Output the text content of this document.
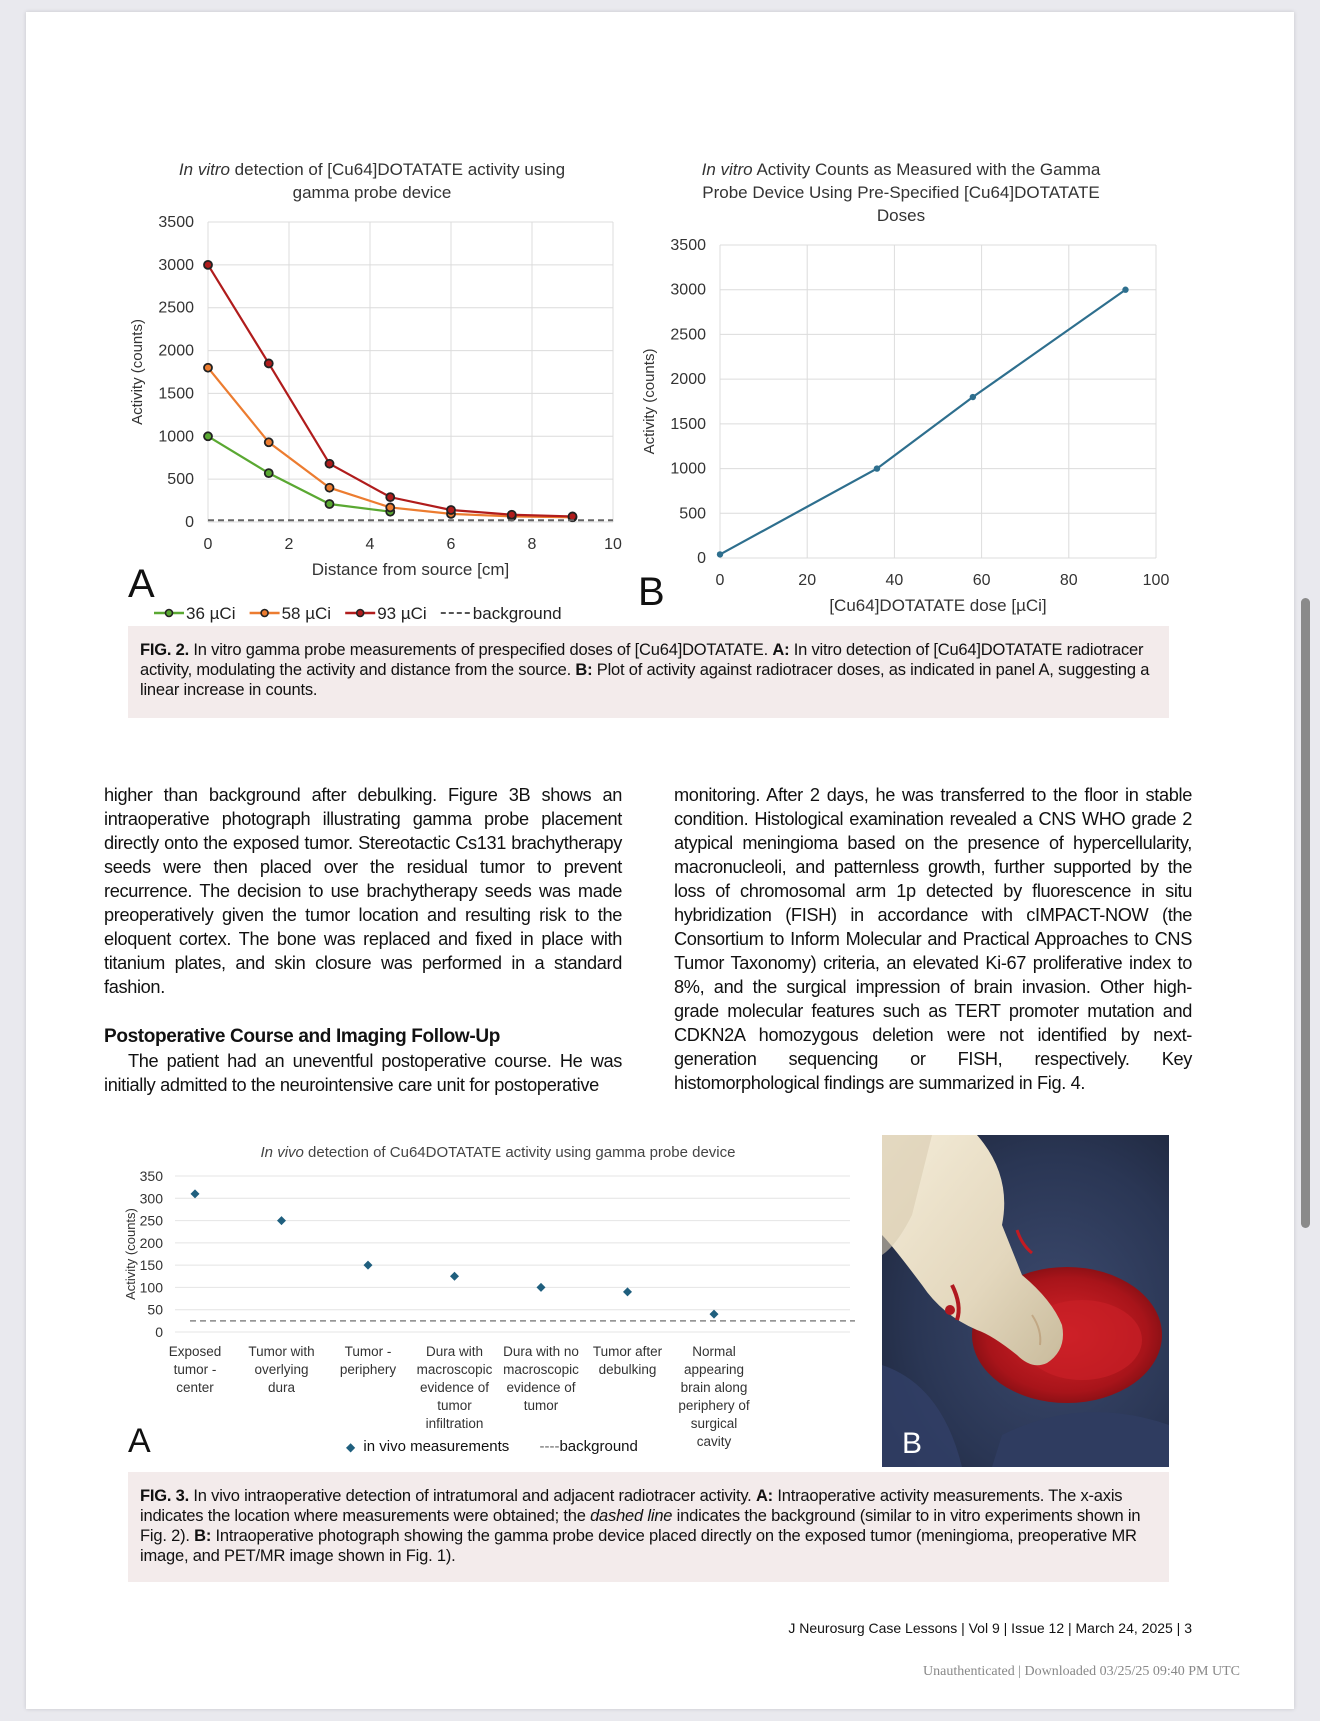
In vitro detection of [Cu64]DOTATATE activity using
gamma probe device
0
500
1000
1500
2000
2500
3000
3500
0	2	4	6	8	10
Distance from source [cm]
Activity (counts)
A
36 µCi	58 µCi	93 µCi	background
In vitro Activity Counts as Measured with the Gamma
Probe Device Using Pre-Specified [Cu64]DOTATATE
Doses
0
500
1000
1500
2000
2500
3000
3500
0	20	40	60	80	100
[Cu64]DOTATATE dose [µCi]
Activity (counts)
B
FIG. 2. In vitro gamma probe measurements of prespecified doses of [Cu64]DOTATATE. A: In vitro detection of [Cu64]DOTATATE radiotracer activity, modulating the activity and distance from the source. B: Plot of activity against radiotracer doses, as indicated in panel A, suggesting a linear increase in counts.

higher than background after debulking. Figure 3B shows an intraoperative photograph illustrating gamma probe placement directly onto the exposed tumor. Stereotactic Cs131 brachytherapy seeds were then placed over the residual tumor to prevent recurrence. The decision to use brachytherapy seeds was made preoperatively given the tumor location and resulting risk to the eloquent cortex. The bone was replaced and fixed in place with titanium plates, and skin closure was performed in a standard fashion.

Postoperative Course and Imaging Follow-Up

The patient had an uneventful postoperative course. He was initially admitted to the neurointensive care unit for postoperative

monitoring. After 2 days, he was transferred to the floor in stable condition. Histological examination revealed a CNS WHO grade 2 atypical meningioma based on the presence of hypercellularity, macronucleoli, and patternless growth, further supported by the loss of chromosomal arm 1p detected by fluorescence in situ hybridization (FISH) in accordance with cIMPACT-NOW (the Consortium to Inform Molecular and Practical Approaches to CNS Tumor Taxonomy) criteria, an elevated Ki-67 proliferative index to 8%, and the surgical impression of brain invasion. Other high-grade molecular features such as TERT promoter mutation and CDKN2A homozygous deletion were not identified by next-generation sequencing or FISH, respectively. Key histomorphological findings are summarized in Fig. 4.

In vivo detection of Cu64DOTATATE activity using gamma probe device
0
50
100
150
200
250
300
350
Activity (counts)
Exposed
tumor -
center
Tumor with
overlying
dura
Tumor -
periphery
Dura with
macroscopic
evidence of
tumor
infiltration
Dura with no
macroscopic
evidence of
tumor
Tumor after
debulking
Normal
appearing
brain along
periphery of
surgical
cavity
A	◆ in vivo measurements ----background	B
FIG. 3. In vivo intraoperative detection of intratumoral and adjacent radiotracer activity. A: Intraoperative activity measurements. The x-axis indicates the location where measurements were obtained; the dashed line indicates the background (similar to in vitro experiments shown in Fig. 2). B: Intraoperative photograph showing the gamma probe device placed directly on the exposed tumor (meningioma, preoperative MR image, and PET/MR image shown in Fig. 1).
J Neurosurg Case Lessons | Vol 9 | Issue 12 | March 24, 2025 | 3
Unauthenticated | Downloaded 03/25/25 09:40 PM UTC
